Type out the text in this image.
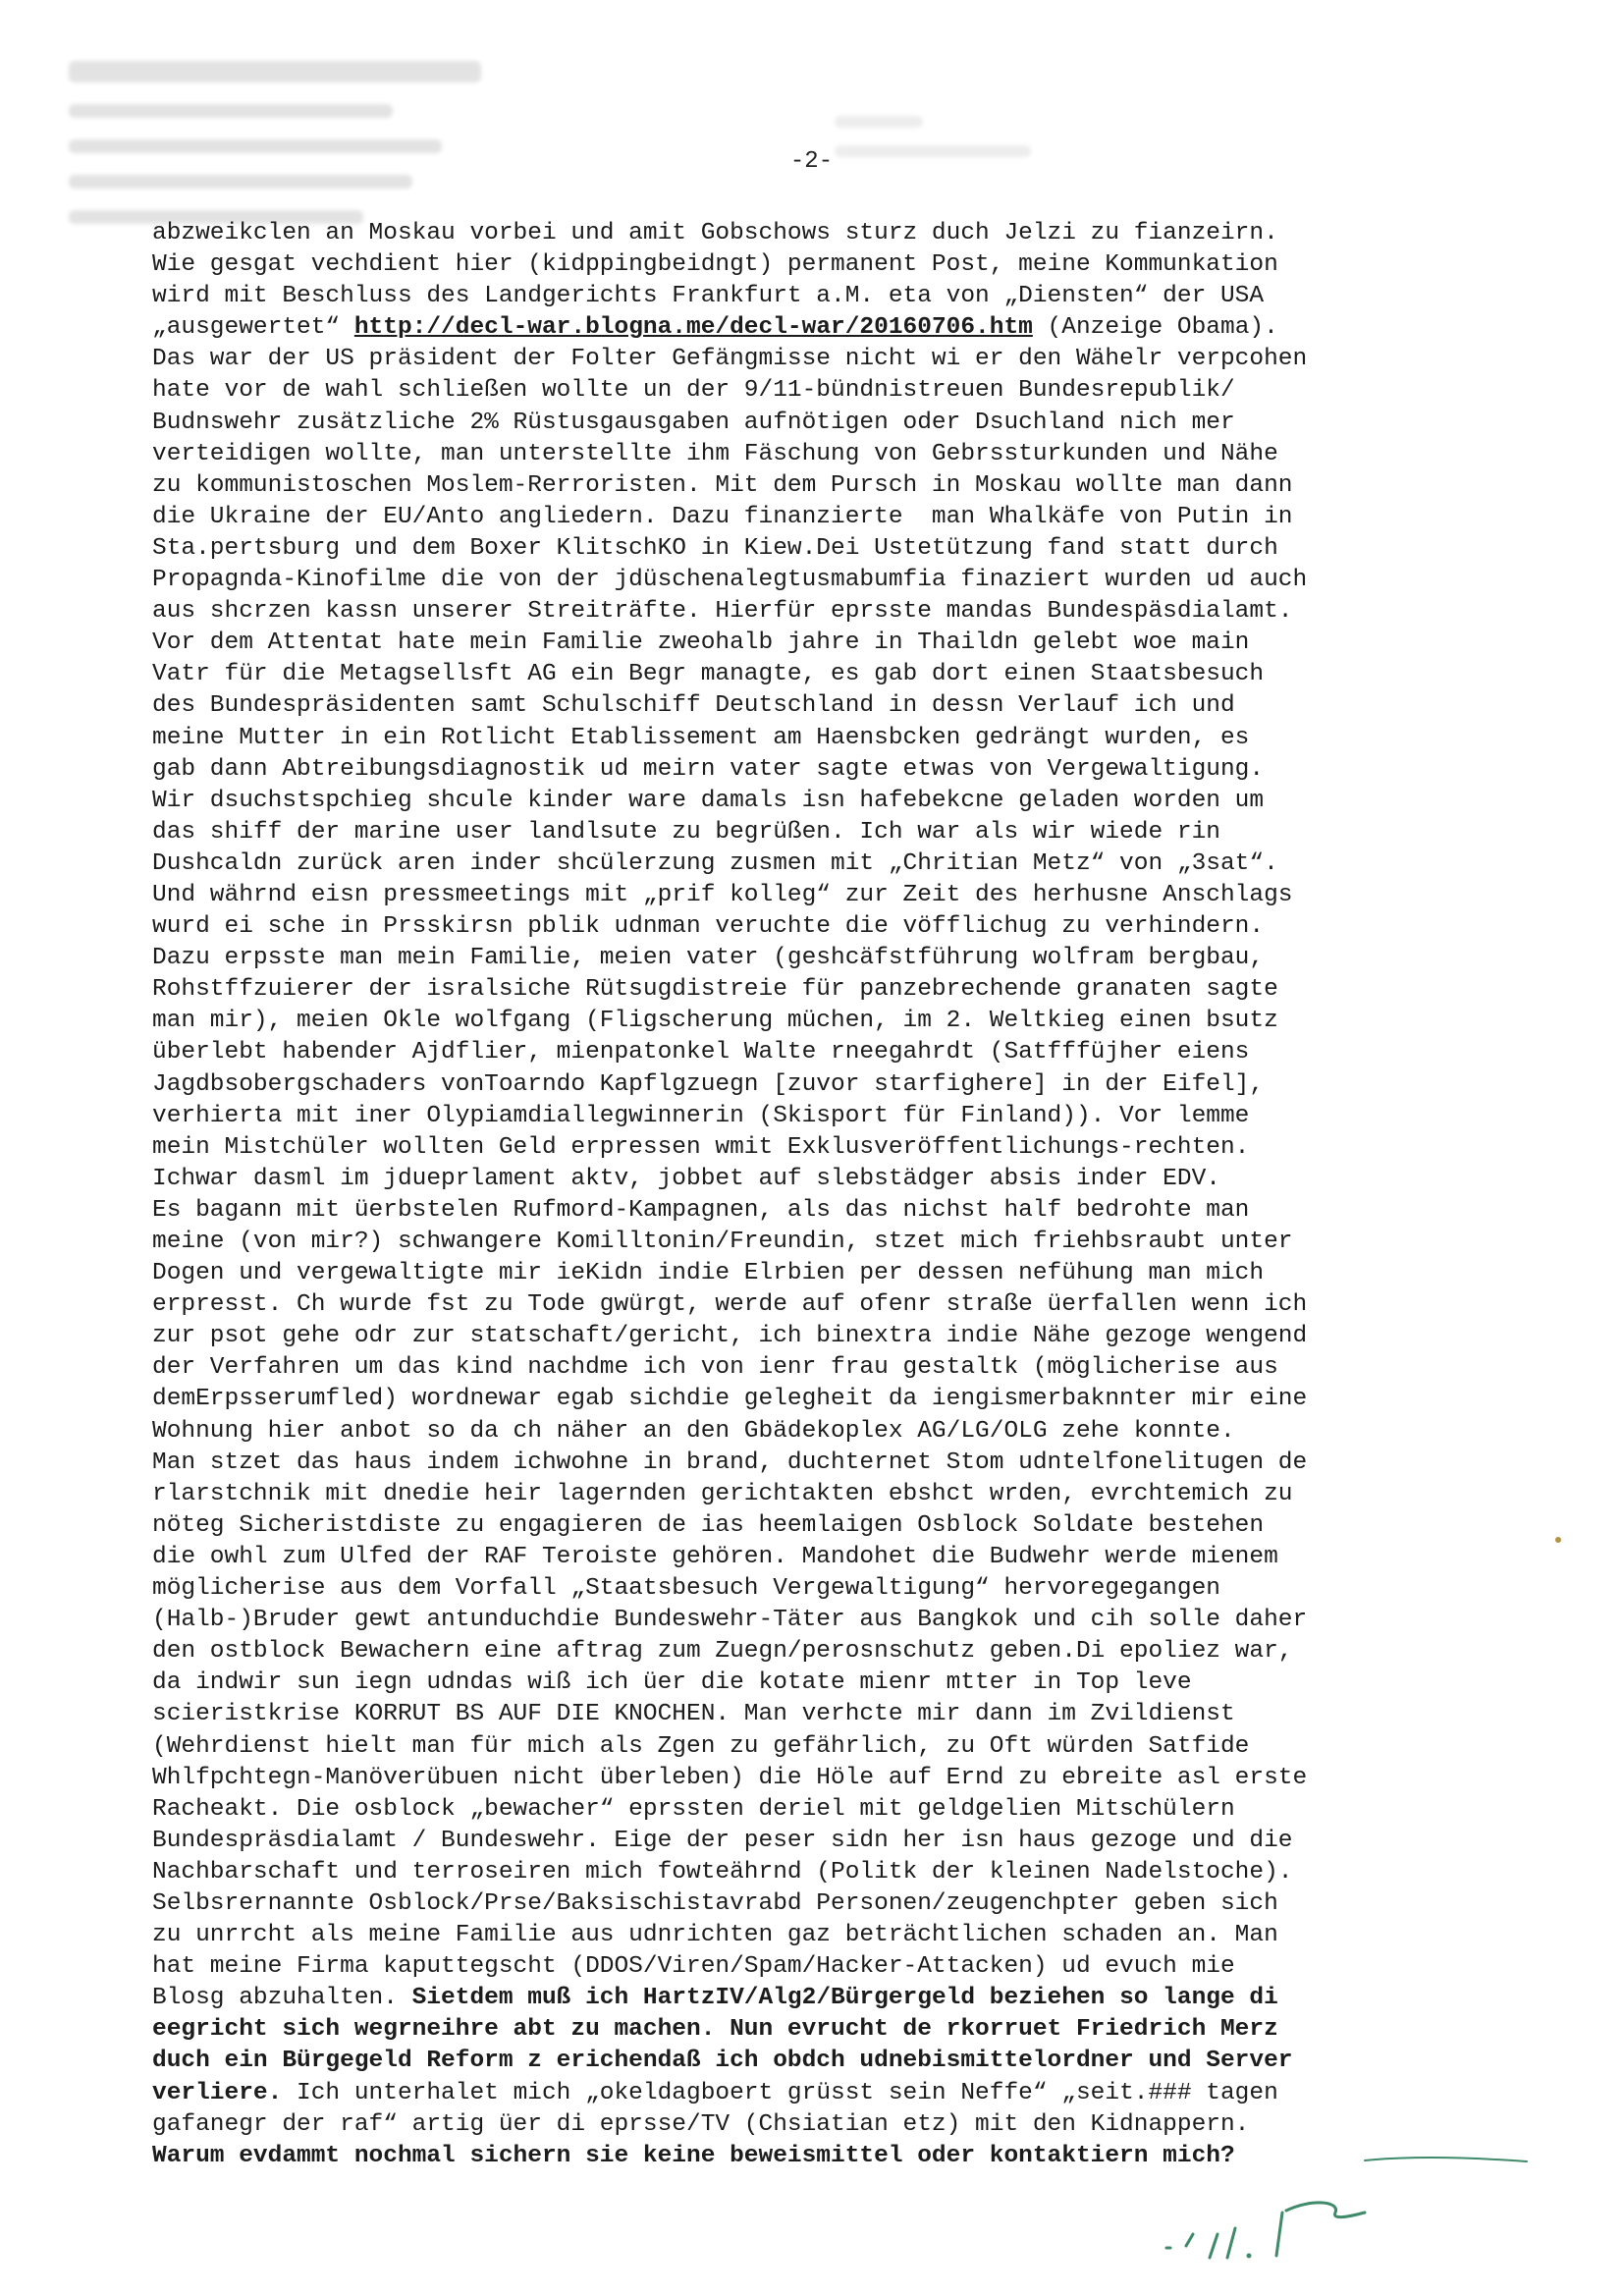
-2-
abzweikclen an Moskau vorbei und amit Gobschows sturz duch Jelzi zu fianzeirn.
Wie gesgat vechdient hier (kidppingbeidngt) permanent Post, meine Kommunkation
wird mit Beschluss des Landgerichts Frankfurt a.M. eta von „Diensten“ der USA
„ausgewertet“ http://decl-war.blogna.me/decl-war/20160706.htm (Anzeige Obama).
Das war der US präsident der Folter Gefängmisse nicht wi er den Wähelr verpcohen
hate vor de wahl schließen wollte un der 9/11-bündnistreuen Bundesrepublik/
Budnswehr zusätzliche 2% Rüstusgausgaben aufnötigen oder Dsuchland nich mer
verteidigen wollte, man unterstellte ihm Fäschung von Gebrssturkunden und Nähe
zu kommunistoschen Moslem-Rerroristen. Mit dem Pursch in Moskau wollte man dann
die Ukraine der EU/Anto angliedern. Dazu finanzierte  man Whalkäfe von Putin in
Sta.pertsburg und dem Boxer KlitschKO in Kiew.Dei Ustetützung fand statt durch
Propagnda-Kinofilme die von der jdüschenalegtusmabumfia finaziert wurden ud auch
aus shcrzen kassn unserer Streiträfte. Hierfür eprsste mandas Bundespäsdialamt.
Vor dem Attentat hate mein Familie zweohalb jahre in Thaildn gelebt woe main
Vatr für die Metagsellsft AG ein Begr managte, es gab dort einen Staatsbesuch
des Bundespräsidenten samt Schulschiff Deutschland in dessn Verlauf ich und
meine Mutter in ein Rotlicht Etablissement am Haensbcken gedrängt wurden, es
gab dann Abtreibungsdiagnostik ud meirn vater sagte etwas von Vergewaltigung.
Wir dsuchstspchieg shcule kinder ware damals isn hafebekcne geladen worden um
das shiff der marine user landlsute zu begrüßen. Ich war als wir wiede rin
Dushcaldn zurück aren inder shcülerzung zusmen mit „Chritian Metz“ von „3sat“.
Und währnd eisn pressmeetings mit „prif kolleg“ zur Zeit des herhusne Anschlags
wurd ei sche in Prsskirsn pblik udnman veruchte die vöfflichug zu verhindern.
Dazu erpsste man mein Familie, meien vater (geshcäfstführung wolfram bergbau,
Rohstffzuierer der isralsiche Rütsugdistreie für panzebrechende granaten sagte
man mir), meien Okle wolfgang (Fligscherung müchen, im 2. Weltkieg einen bsutz
überlebt habender Ajdflier, mienpatonkel Walte rneegahrdt (Satfffüjher eiens
Jagdbsobergschaders vonToarndo Kapflgzuegn [zuvor starfighere] in der Eifel],
verhierta mit iner Olypiamdiallegwinnerin (Skisport für Finland)). Vor lemme
mein Mistchüler wollten Geld erpressen wmit Exklusveröffentlichungs-rechten.
Ichwar dasml im jdueprlament aktv, jobbet auf slebstädger absis inder EDV.
Es bagann mit üerbstelen Rufmord-Kampagnen, als das nichst half bedrohte man
meine (von mir?) schwangere Komilltonin/Freundin, stzet mich friehbsraubt unter
Dogen und vergewaltigte mir ieKidn indie Elrbien per dessen nefühung man mich
erpresst. Ch wurde fst zu Tode gwürgt, werde auf ofenr straße üerfallen wenn ich
zur psot gehe odr zur statschaft/gericht, ich binextra indie Nähe gezoge wengend
der Verfahren um das kind nachdme ich von ienr frau gestaltk (möglicherise aus
demErpsserumfled) wordnewar egab sichdie gelegheit da iengismerbaknnter mir eine
Wohnung hier anbot so da ch näher an den Gbädekoplex AG/LG/OLG zehe konnte.
Man stzet das haus indem ichwohne in brand, duchternet Stom udntelfonelitugen de
rlarstchnik mit dnedie heir lagernden gerichtakten ebshct wrden, evrchtemich zu
nöteg Sicheristdiste zu engagieren de ias heemlaigen Osblock Soldate bestehen
die owhl zum Ulfed der RAF Teroiste gehören. Mandohet die Budwehr werde mienem
möglicherise aus dem Vorfall „Staatsbesuch Vergewaltigung“ hervoregegangen
(Halb-)Bruder gewt antunduchdie Bundeswehr-Täter aus Bangkok und cih solle daher
den ostblock Bewachern eine aftrag zum Zuegn/perosnschutz geben.Di epoliez war,
da indwir sun iegn udndas wiß ich üer die kotate mienr mtter in Top leve
scieristkrise KORRUT BS AUF DIE KNOCHEN. Man verhcte mir dann im Zvildienst
(Wehrdienst hielt man für mich als Zgen zu gefährlich, zu Oft würden Satfide
Whlfpchtegn-Manöverübuen nicht überleben) die Höle auf Ernd zu ebreite asl erste
Racheakt. Die osblock „bewacher“ eprssten deriel mit geldgelien Mitschülern
Bundespräsdialamt / Bundeswehr. Eige der peser sidn her isn haus gezoge und die
Nachbarschaft und terroseiren mich fowteährnd (Politk der kleinen Nadelstoche).
Selbsrernannte Osblock/Prse/Baksischistavrabd Personen/zeugenchpter geben sich
zu unrrcht als meine Familie aus udnrichten gaz beträchtlichen schaden an. Man
hat meine Firma kaputtegscht (DDOS/Viren/Spam/Hacker-Attacken) ud evuch mie
Blosg abzuhalten. Sietdem muß ich HartzIV/Alg2/Bürgergeld beziehen so lange di
eegricht sich wegrneihre abt zu machen. Nun evrucht de rkorruet Friedrich Merz
duch ein Bürgegeld Reform z erichendaß ich obdch udnebismittelordner und Server
verliere. Ich unterhalet mich „okeldagboert grüsst sein Neffe“ „seit.### tagen
gafanegr der raf“ artig üer di eprsse/TV (Chsiatian etz) mit den Kidnappern.
Warum evdammt nochmal sichern sie keine beweismittel oder kontaktiern mich?
